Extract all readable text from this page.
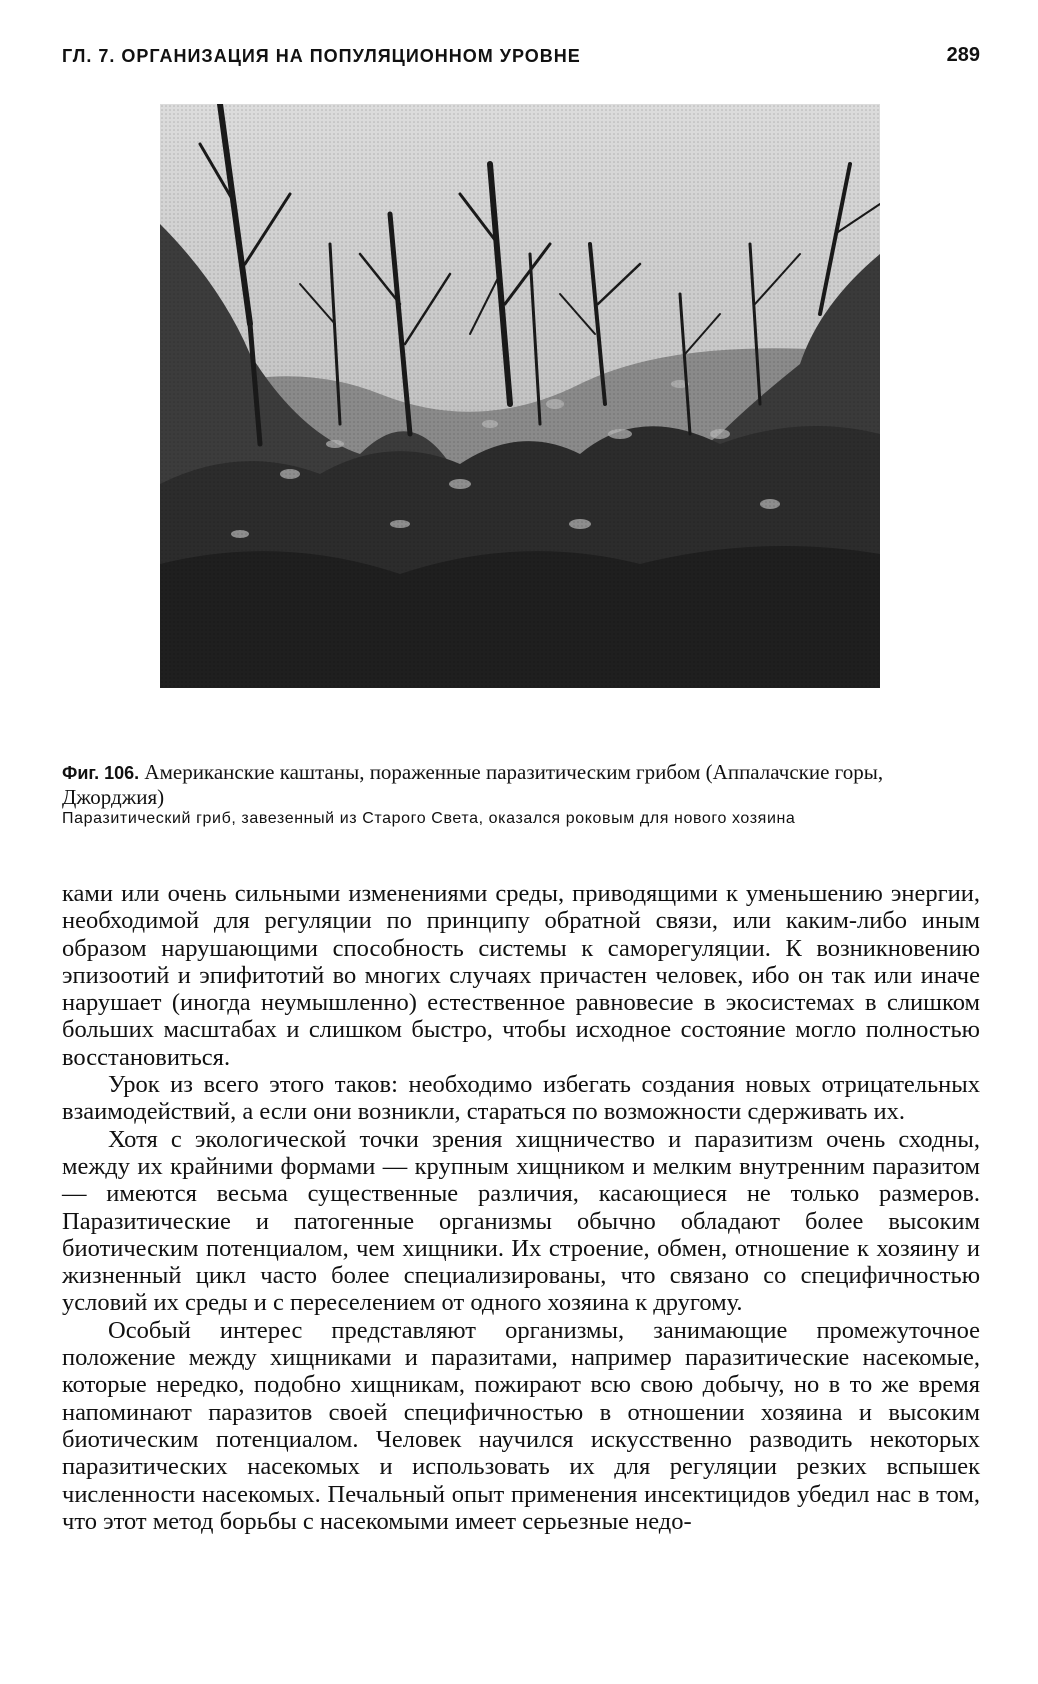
ГЛ. 7. ОРГАНИЗАЦИЯ НА ПОПУЛЯЦИОННОМ УРОВНЕ	289
Фиг. 106. Американские каштаны, пораженные паразитическим грибом (Аппалачские горы, Джорджия)
Паразитический гриб, завезенный из Старого Света, оказался роковым для нового хозяина

ками или очень сильными изменениями среды, приводящими к уменьшению энергии, необходимой для регуляции по принципу обратной связи, или каким-либо иным образом нарушающими способность системы к саморегуляции. К возникновению эпизоотий и эпифитотий во многих случаях причастен человек, ибо он так или иначе нарушает (иногда неумышленно) естественное равновесие в экосистемах в слишком больших масштабах и слишком быстро, чтобы исходное состояние могло полностью восстановиться.

Урок из всего этого таков: необходимо избегать создания новых отрицательных взаимодействий, а если они возникли, стараться по возможности сдерживать их.

Хотя с экологической точки зрения хищничество и паразитизм очень сходны, между их крайними формами — крупным хищником и мелким внутренним паразитом — имеются весьма существенные различия, касающиеся не только размеров. Паразитические и патогенные организмы обычно обладают более высоким биотическим потенциалом, чем хищники. Их строение, обмен, отношение к хозяину и жизненный цикл часто более специализированы, что связано со специфичностью условий их среды и с переселением от одного хозяина к другому.

Особый интерес представляют организмы, занимающие промежуточное положение между хищниками и паразитами, например паразитические насекомые, которые нередко, подобно хищникам, пожирают всю свою добычу, но в то же время напоминают паразитов своей специфичностью в отношении хозяина и высоким биотическим потенциалом. Человек научился искусственно разводить некоторых паразитических насекомых и использовать их для регуляции резких вспышек численности насекомых. Печальный опыт применения инсектицидов убедил нас в том, что этот метод борьбы с насекомыми имеет серьезные недо-
